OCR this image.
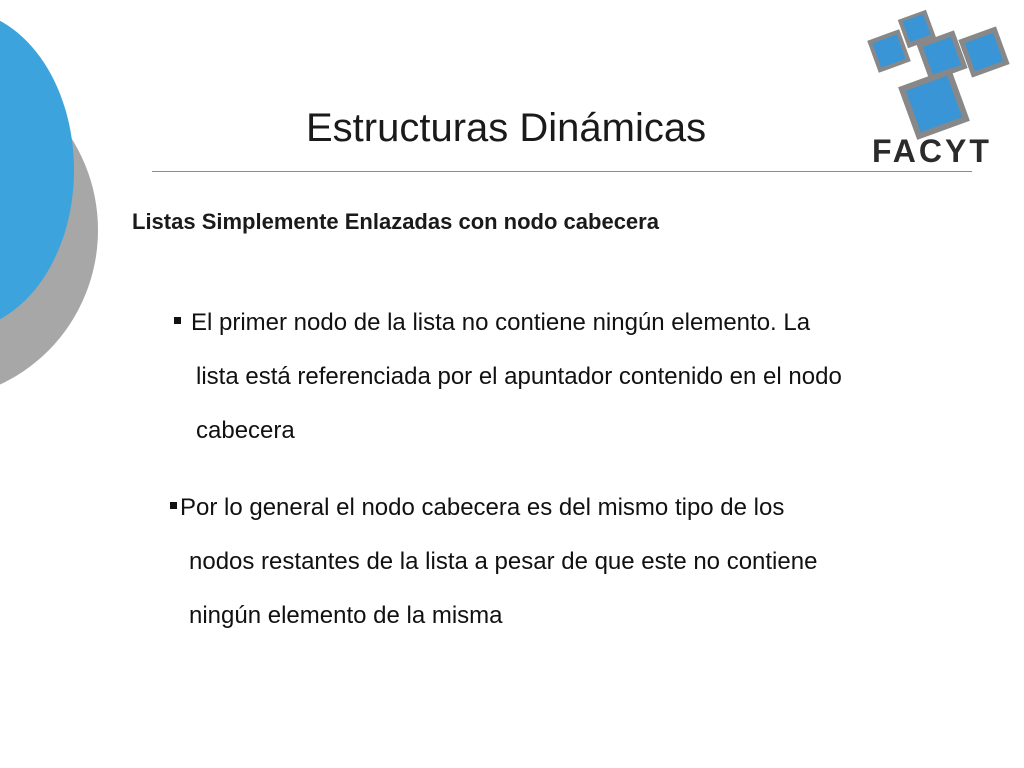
FACYT
Estructuras Dinámicas
Listas Simplemente Enlazadas con nodo cabecera
El primer nodo de la lista no contiene ningún elemento. La
lista está referenciada por el apuntador contenido en el nodo
cabecera
Por lo general el nodo cabecera es del mismo tipo de los
nodos restantes de la lista a pesar de que este no contiene
ningún elemento de la misma
